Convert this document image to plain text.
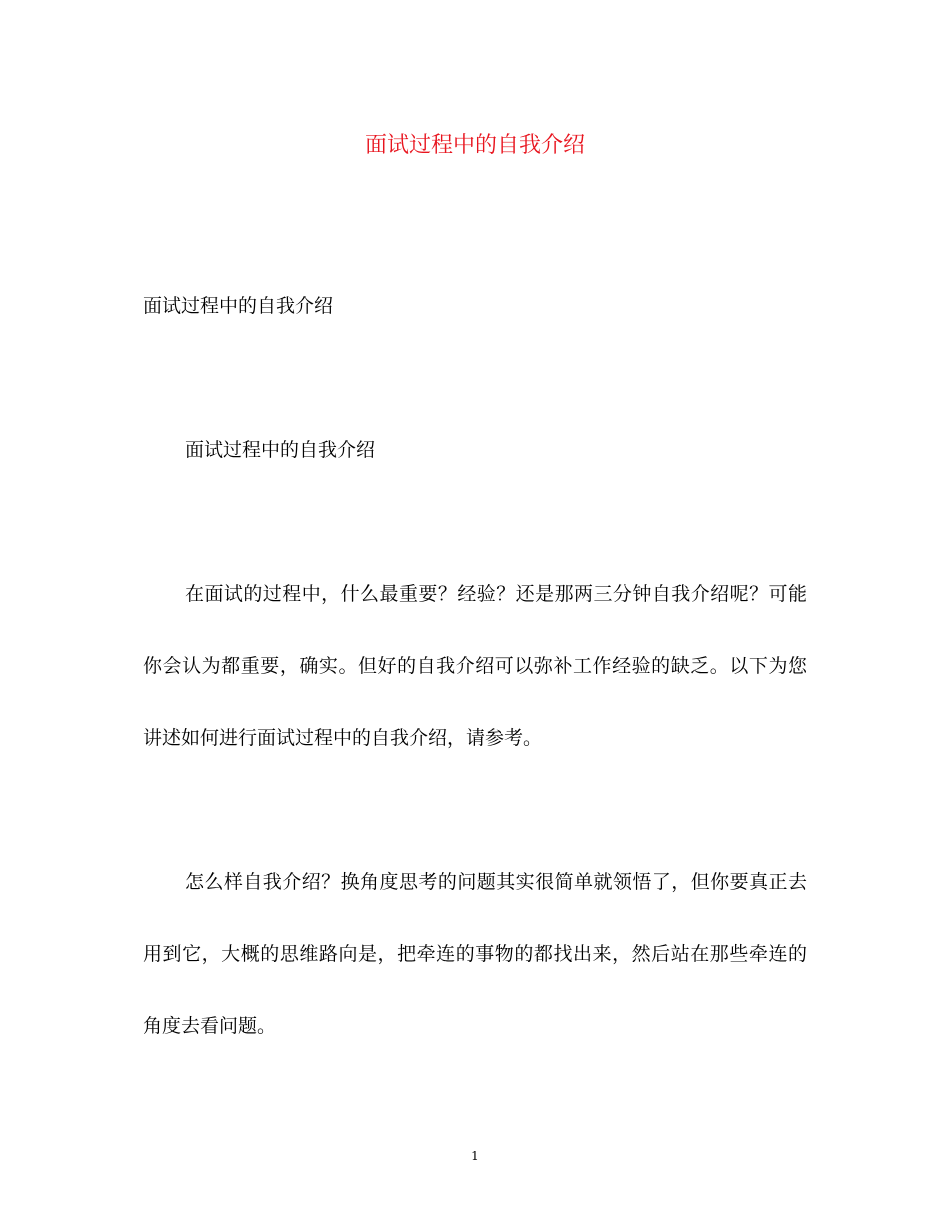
面试过程中的自我介绍

面试过程中的自我介绍

面试过程中的自我介绍

在面试的过程中，什么最重要？经验？还是那两三分钟自我介绍呢？可能你会认为都重要，确实。但好的自我介绍可以弥补工作经验的缺乏。以下为您讲述如何进行面试过程中的自我介绍，请参考。

怎么样自我介绍？换角度思考的问题其实很简单就领悟了，但你要真正去用到它，大概的思维路向是，把牵连的事物的都找出来，然后站在那些牵连的角度去看问题。

1
